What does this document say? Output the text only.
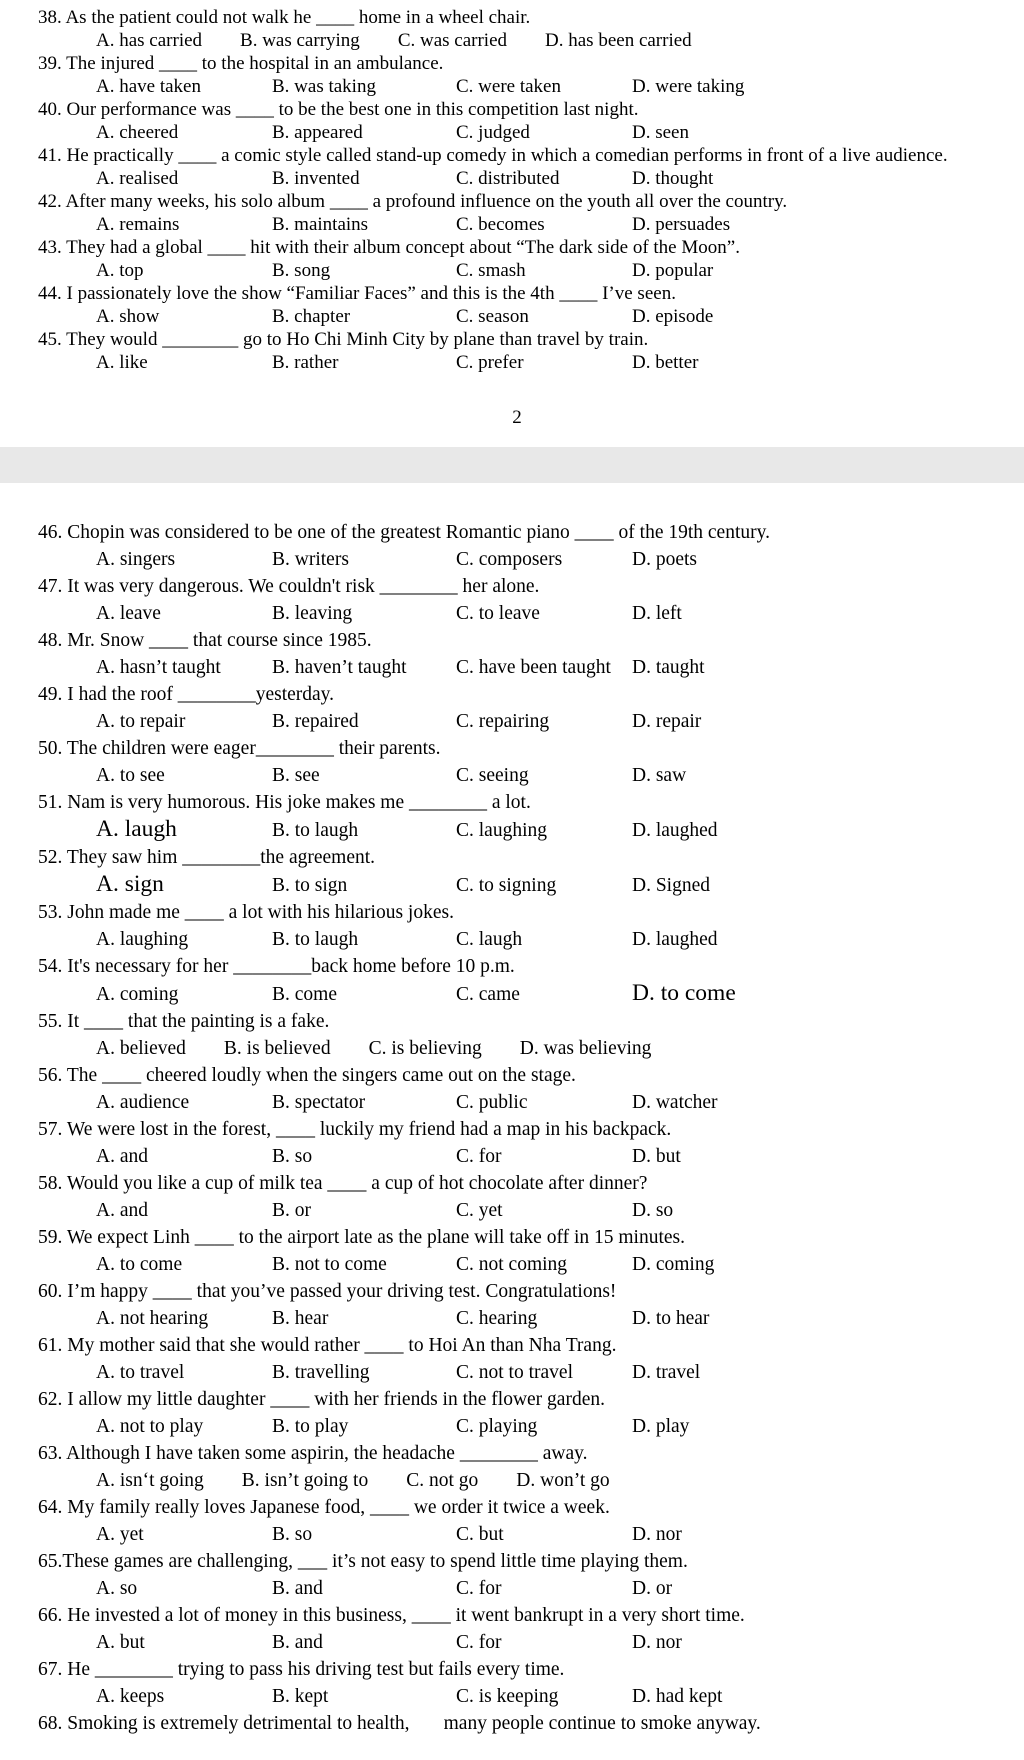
38. As the patient could not walk he ____ home in a wheel chair.
A. has carried B. was carrying C. was carried D. has been carried
39. The injured ____ to the hospital in an ambulance.
A. have taken	B. was taking	C. were taken	D. were taking
40. Our performance was ____ to be the best one in this competition last night.
A. cheered	B. appeared	C. judged	D. seen
41. He practically ____ a comic style called stand-up comedy in which a comedian performs in front of a live audience.
A. realised	B. invented	C. distributed	D. thought
42. After many weeks, his solo album ____ a profound influence on the youth all over the country.
A. remains	B. maintains	C. becomes	D. persuades
43. They had a global ____ hit with their album concept about “The dark side of the Moon”.
A. top	B. song	C. smash	D. popular
44. I passionately love the show “Familiar Faces” and this is the 4th ____ I’ve seen.
A. show	B. chapter	C. season	D. episode
45. They would ________ go to Ho Chi Minh City by plane than travel by train.
A. like	B. rather	C. prefer	D. better
2
46. Chopin was considered to be one of the greatest Romantic piano ____ of the 19th century.
A. singers	B. writers	C. composers	D. poets
47. It was very dangerous. We couldn't risk ________ her alone.
A. leave	B. leaving	C. to leave	D. left
48. Mr. Snow ____ that course since 1985.
A. hasn’t taught	B. haven’t taught	C. have been taught	D. taught
49. I had the roof ________yesterday.
A. to repair	B. repaired	C. repairing	D. repair
50. The children were eager________ their parents.
A. to see	B. see	C. seeing	D. saw
51. Nam is very humorous. His joke makes me ________ a lot.
A. laugh	B. to laugh	C. laughing	D. laughed
52. They saw him ________the agreement.
A. sign	B. to sign	C. to signing	D. Signed
53. John made me ____ a lot with his hilarious jokes.
A. laughing	B. to laugh	C. laugh	D. laughed
54. It's necessary for her ________back home before 10 p.m.
A. coming	B. come	C. came	D. to come
55. It ____ that the painting is a fake.
A. believed B. is believed C. is believing D. was believing
56. The ____ cheered loudly when the singers came out on the stage.
A. audience	B. spectator	C. public	D. watcher
57. We were lost in the forest, ____ luckily my friend had a map in his backpack.
A. and	B. so	C. for	D. but
58. Would you like a cup of milk tea ____ a cup of hot chocolate after dinner?
A. and	B. or	C. yet	D. so
59. We expect Linh ____ to the airport late as the plane will take off in 15 minutes.
A. to come	B. not to come	C. not coming	D. coming
60. I’m happy ____ that you’ve passed your driving test. Congratulations!
A. not hearing	B. hear	C. hearing	D. to hear
61. My mother said that she would rather ____ to Hoi An than Nha Trang.
A. to travel	B. travelling	C. not to travel	D. travel
62. I allow my little daughter ____ with her friends in the flower garden.
A. not to play	B. to play	C. playing	D. play
63. Although I have taken some aspirin, the headache ________ away.
A. isn‘t going B. isn’t going to C. not go D. won’t go
64. My family really loves Japanese food, ____ we order it twice a week.
A. yet	B. so	C. but	D. nor
65.These games are challenging, ___ it’s not easy to spend little time playing them.
A. so	B. and	C. for	D. or
66. He invested a lot of money in this business, ____ it went bankrupt in a very short time.
A. but	B. and	C. for	D. nor
67. He ________ trying to pass his driving test but fails every time.
A. keeps	B. kept	C. is keeping	D. had kept
68. Smoking is extremely detrimental to health,       many people continue to smoke anyway.
